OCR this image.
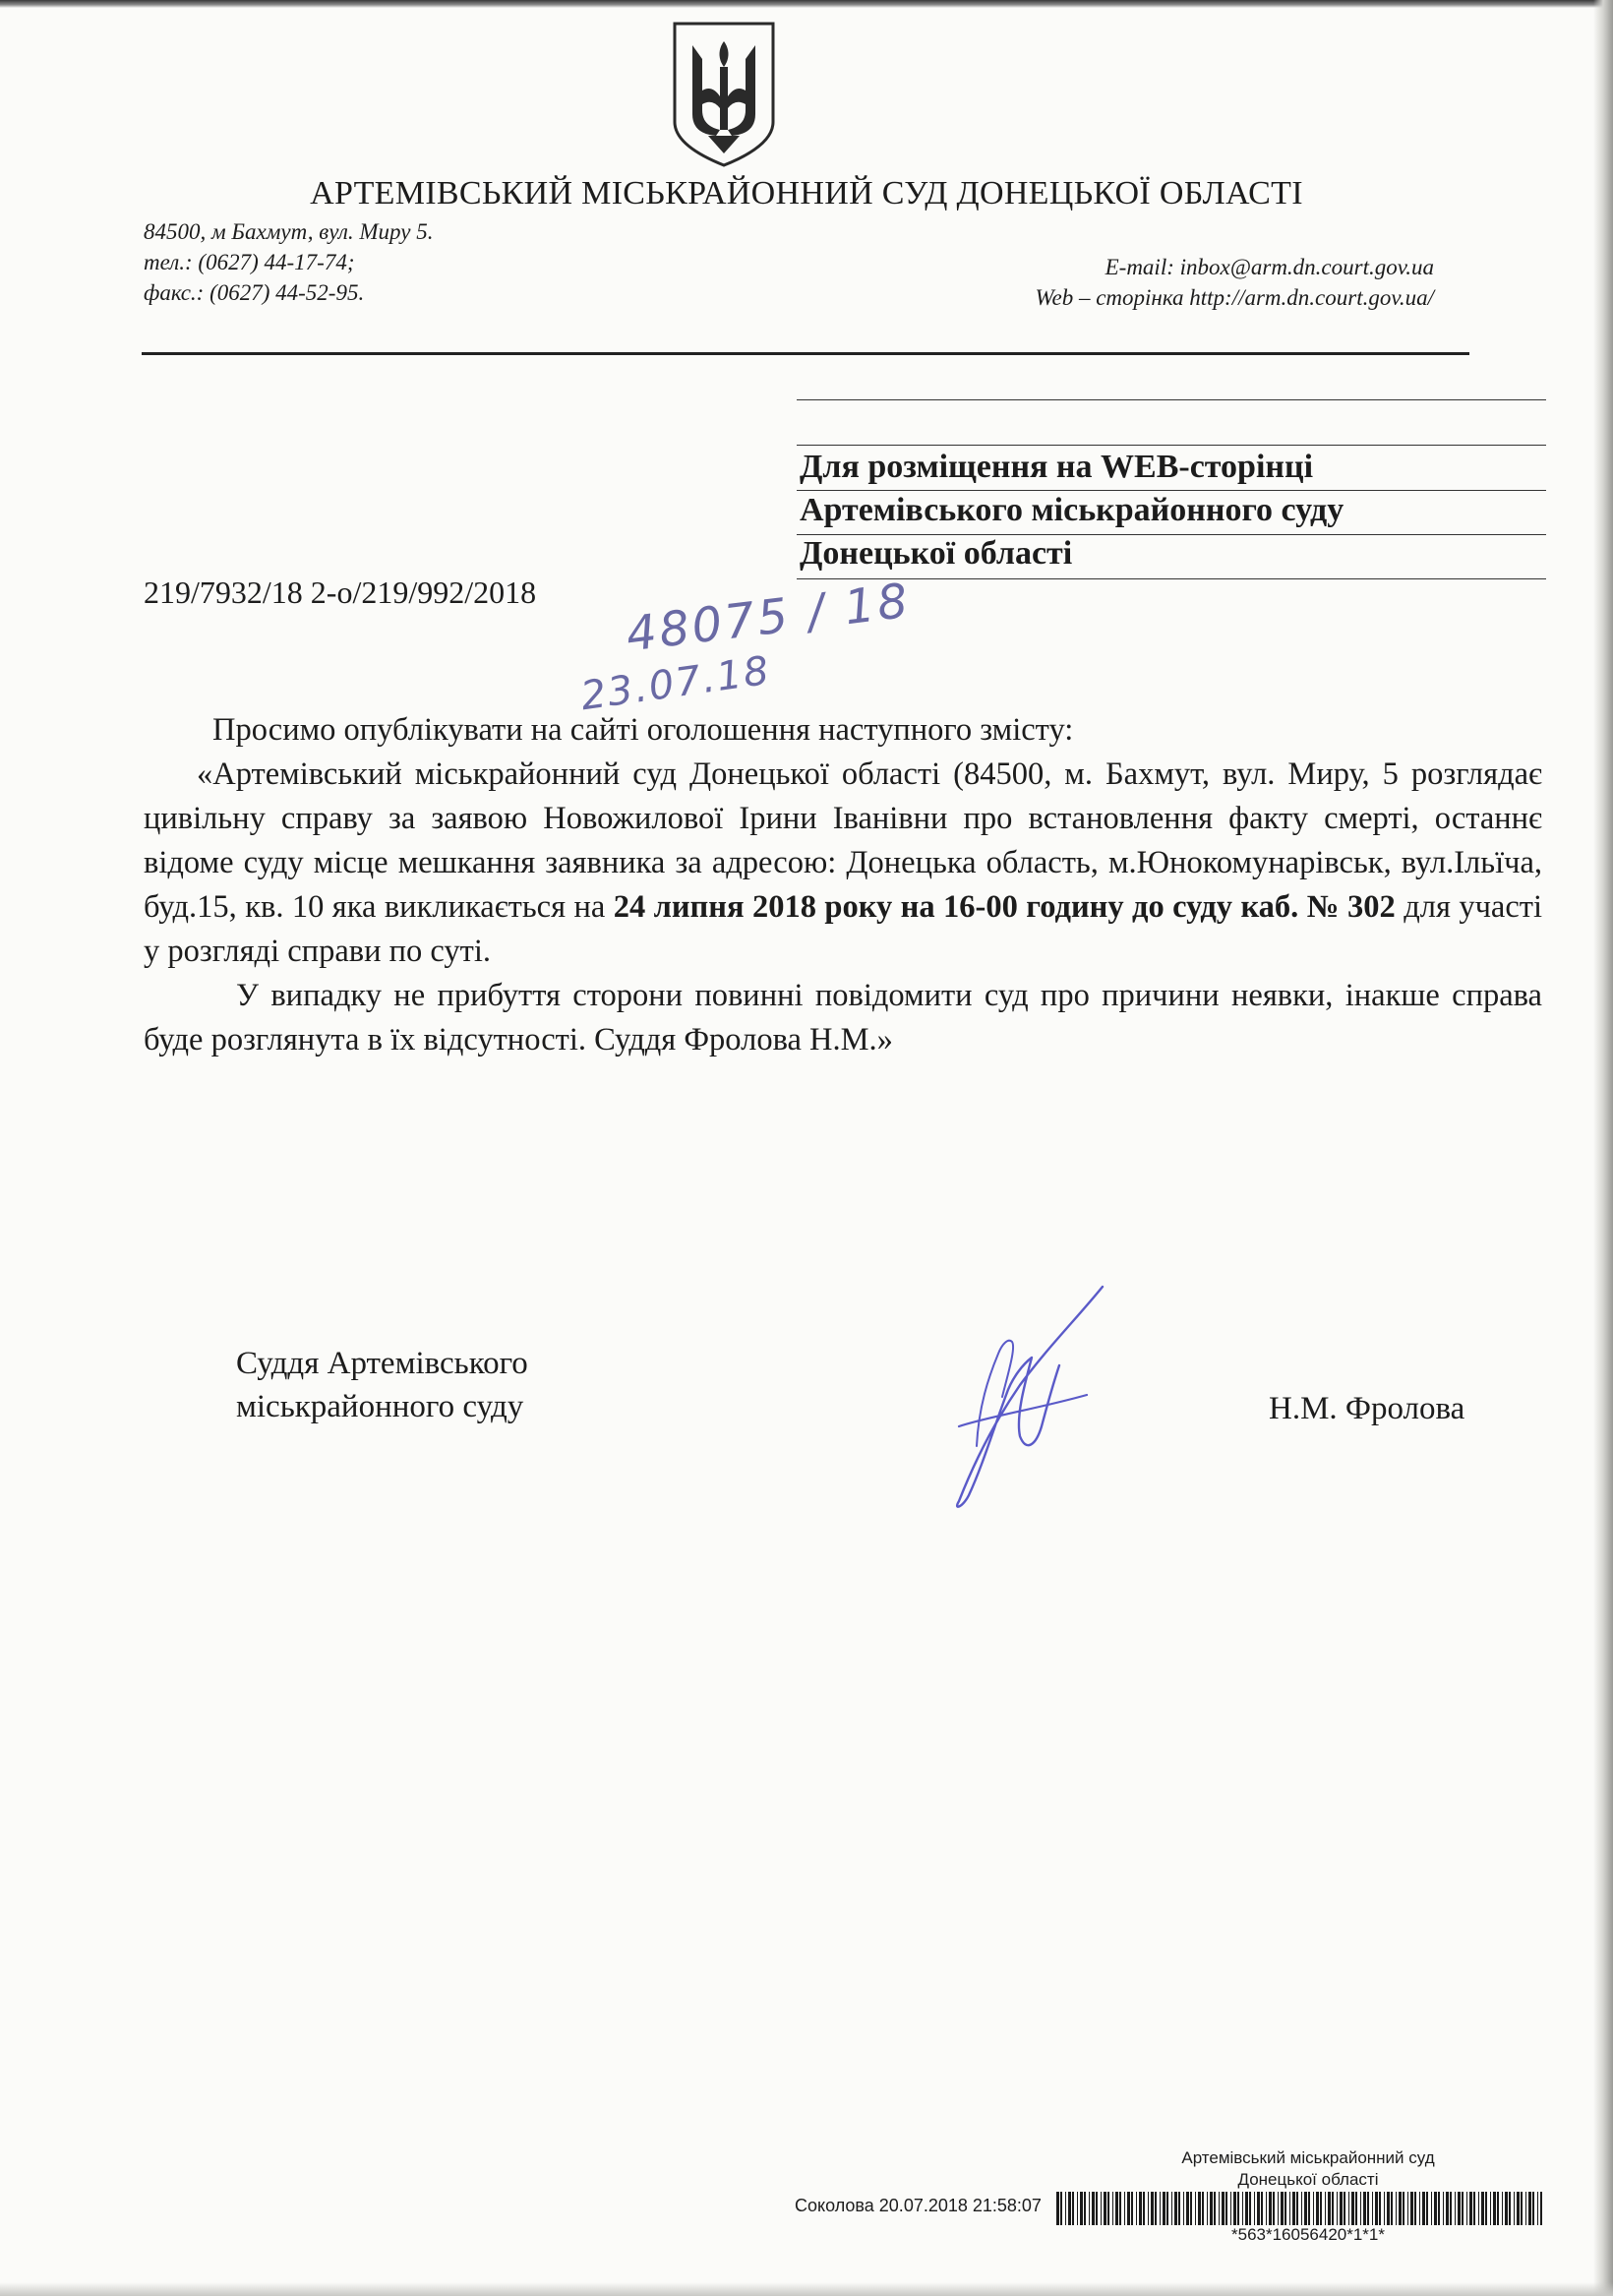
АРТЕМІВСЬКИЙ МІСЬКРАЙОННИЙ СУД ДОНЕЦЬКОЇ ОБЛАСТІ
84500, м Бахмут, вул. Миру 5.
тел.: (0627) 44-17-74;
факс.: (0627) 44-52-95.
E-mail: inbox@arm.dn.court.gov.ua
Web – сторінка http://arm.dn.court.gov.ua/
Для розміщення на WEB-сторінці
Артемівського міськрайонного суду
Донецької області
219/7932/18 2-о/219/992/2018 48075 / 18
23.07.18

Просимо опублікувати на сайті оголошення наступного змісту:

«Артемівський міськрайонний суд Донецької області (84500, м. Бахмут, вул. Миру, 5 розглядає цивільну справу за заявою Новожилової Ірини Іванівни про встановлення факту смерті, останнє відоме суду місце мешкання заявника за адресою: Донецька область, м.Юнокомунарівськ, вул.Ільїча, буд.15, кв. 10 яка викликається на 24 липня 2018 року на 16-00 годину до суду каб. № 302 для участі у розгляді справи по суті.

У випадку не прибуття сторони повинні повідомити суд про причини неявки, інакше справа буде розглянута в їх відсутності. Суддя Фролова Н.М.»

Суддя Артемівського
міськрайонного суду	Н.М. Фролова
Артемівський міськрайонний суд
Донецької області
Соколова 20.07.2018 21:58:07
*563*16056420*1*1*
